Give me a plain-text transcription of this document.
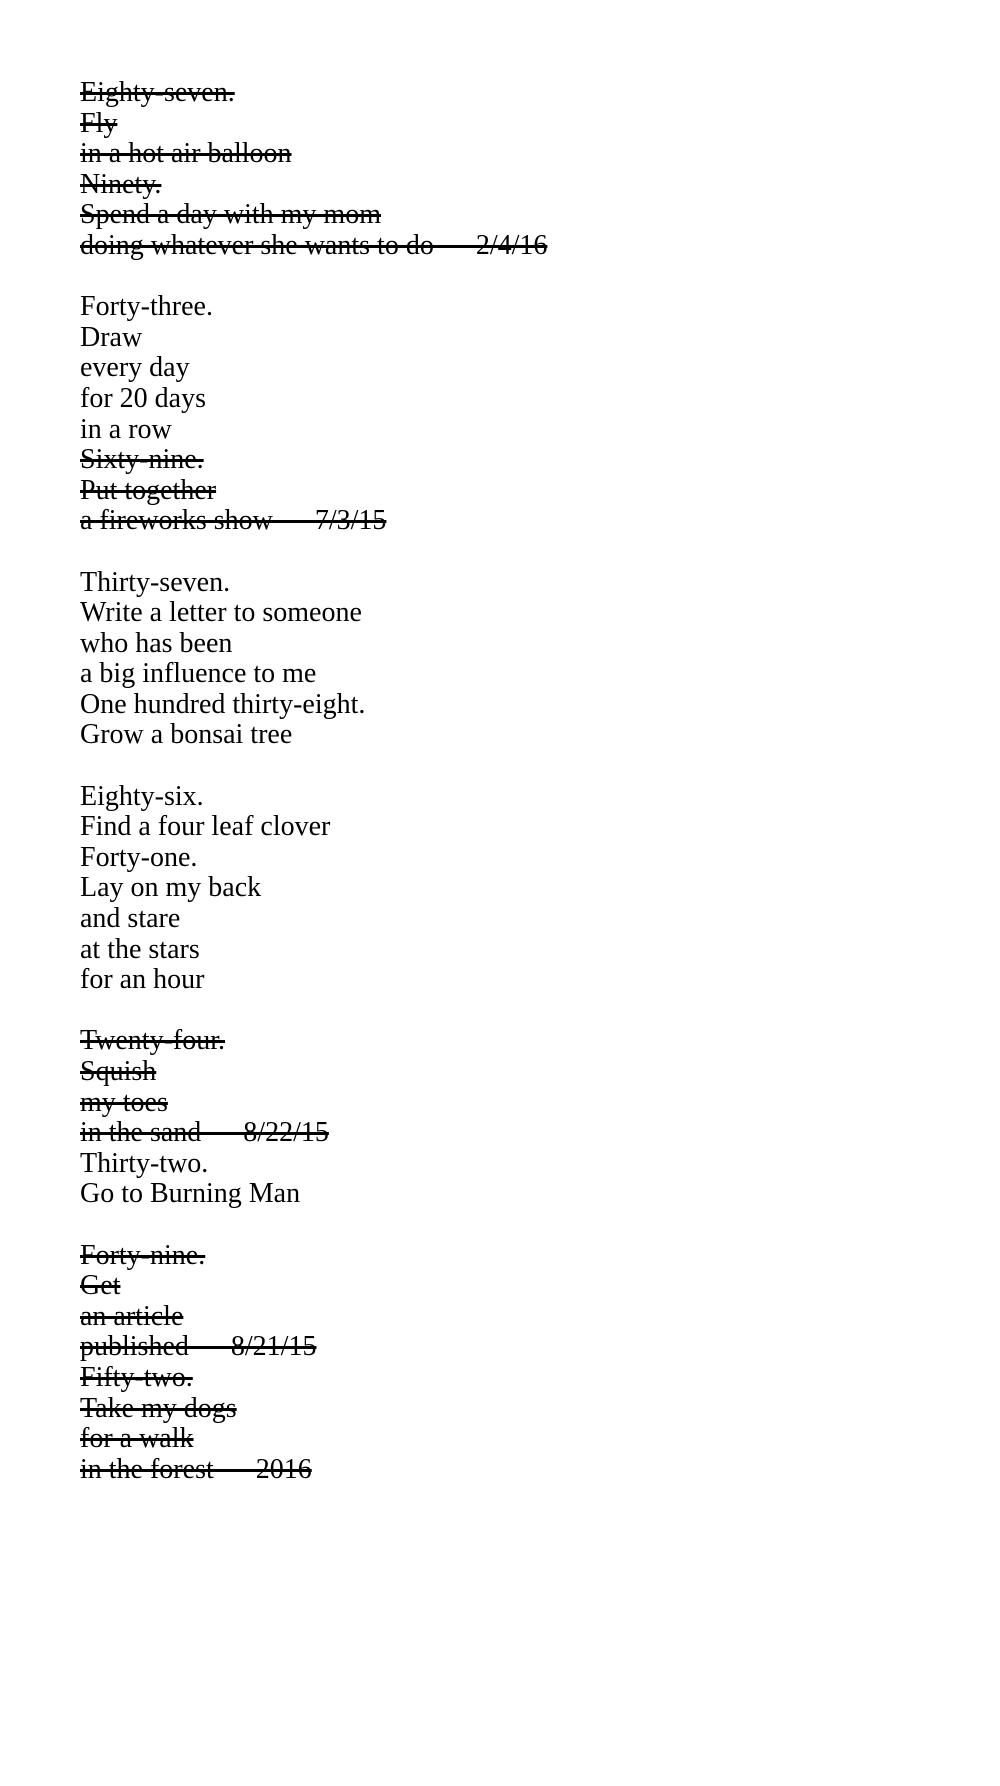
Eighty-seven.
Fly
in a hot air balloon
Ninety.
Spend a day with my mom
doing whatever she wants to do — 2/4/16
Forty-three.
Draw
every day
for 20 days
in a row
Sixty-nine.
Put together
a fireworks show — 7/3/15
Thirty-seven.
Write a letter to someone
who has been
a big influence to me
One hundred thirty-eight.
Grow a bonsai tree
Eighty-six.
Find a four leaf clover
Forty-one.
Lay on my back
and stare
at the stars
for an hour
Twenty-four.
Squish
my toes
in the sand — 8/22/15
Thirty-two.
Go to Burning Man
Forty-nine.
Get
an article
published — 8/21/15
Fifty-two.
Take my dogs
for a walk
in the forest — 2016
